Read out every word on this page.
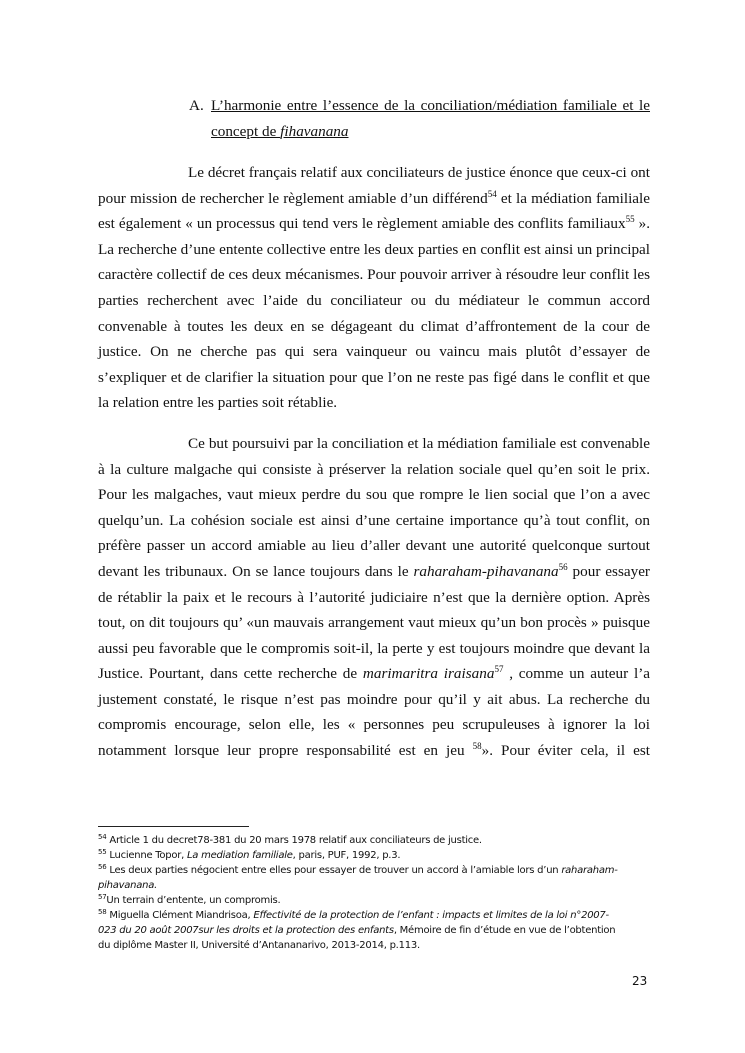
A. L’harmonie entre l’essence de la conciliation/médiation familiale et le
concept de fihavanana
Le décret français relatif aux conciliateurs de justice énonce que ceux-ci ont
pour mission de rechercher le règlement amiable d’un différend$^{54}$ et la médiation familiale
est également « un processus qui tend vers le règlement amiable des conflits familiaux$^{55}$ ».
La recherche d’une entente collective entre les deux parties en conflit est ainsi un principal
caractère collectif de ces deux mécanismes. Pour pouvoir arriver à résoudre leur conflit les
parties recherchent avec l’aide du conciliateur ou du médiateur le commun accord
convenable à toutes les deux en se dégageant du climat d’affrontement de la cour de
justice. On ne cherche pas qui sera vainqueur ou vaincu mais plutôt d’essayer de
s’expliquer et de clarifier la situation pour que l’on ne reste pas figé dans le conflit et que
la relation entre les parties soit rétablie.
Ce but poursuivi par la conciliation et la médiation familiale est convenable
à la culture malgache qui consiste à préserver la relation sociale quel qu’en soit le prix.
Pour les malgaches, vaut mieux perdre du sou que rompre le lien social que l’on a avec
quelqu’un. La cohésion sociale est ainsi d’une certaine importance qu’à tout conflit, on
préfère passer un accord amiable au lieu d’aller devant une autorité quelconque surtout
devant les tribunaux. On se lance toujours dans le raharaham-pihavanana$^{56}$ pour essayer
de rétablir la paix et le recours à l’autorité judiciaire n’est que la dernière option. Après
tout, on dit toujours qu’ «un mauvais arrangement vaut mieux qu’un bon procès » puisque
aussi peu favorable que le compromis soit-il, la perte y est toujours moindre que devant la
Justice. Pourtant, dans cette recherche de marimaritra iraisana$^{57}$ , comme un auteur l’a
justement constaté, le risque n’est pas moindre pour qu’il y ait abus. La recherche du
compromis encourage, selon elle, les « personnes peu scrupuleuses à ignorer la loi
notamment lorsque leur propre responsabilité est en jeu $^{58}$». Pour éviter cela, il est
$^{54}$ Article 1 du decret78-381 du 20 mars 1978 relatif aux conciliateurs de justice.
$^{55}$ Lucienne Topor, La mediation familiale, paris, PUF, 1992, p.3.
$^{56}$ Les deux parties négocient entre elles pour essayer de trouver un accord à l’amiable lors d’un raharaham-
pihavanana.
$^{57}$Un terrain d’entente, un compromis.
$^{58}$ Miguella Clément Miandrisoa, Effectivité de la protection de l’enfant : impacts et limites de la loi n°2007-
023 du 20 août 2007sur les droits et la protection des enfants, Mémoire de fin d’étude en vue de l’obtention
du diplôme Master II, Université d’Antananarivo, 2013-2014, p.113.
23
